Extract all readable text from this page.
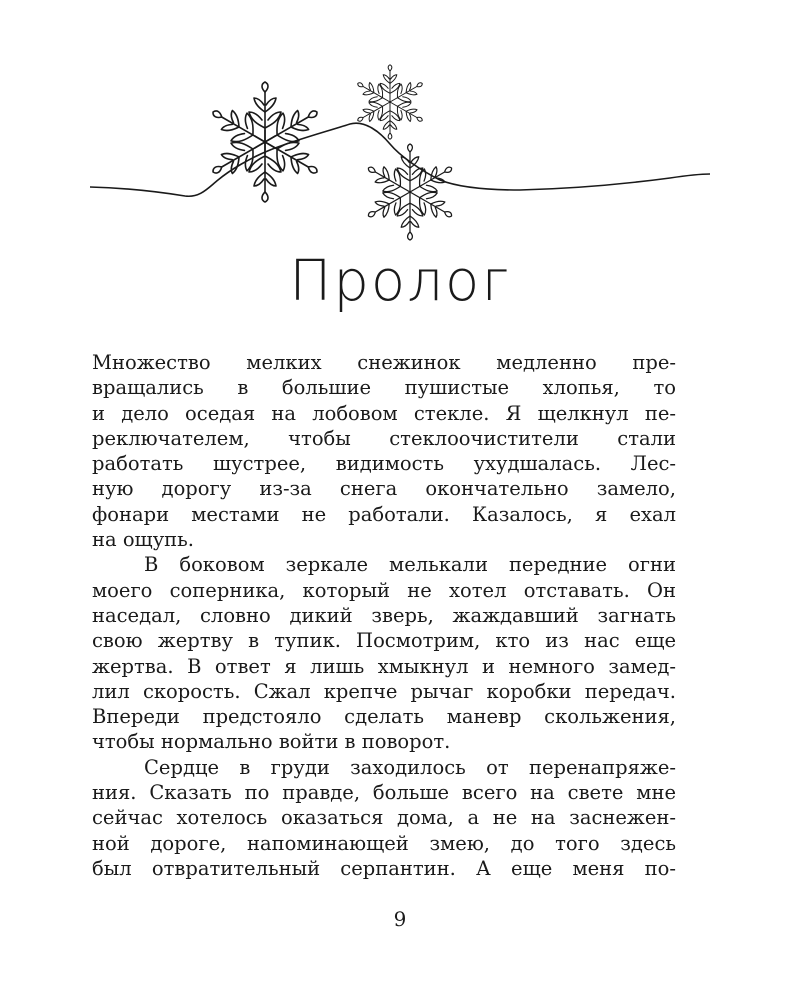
Пролог
Множество мелких снежинок медленно пре-
вращались в большие пушистые хлопья, то
и дело оседая на лобовом стекле. Я щелкнул пе-
реключателем, чтобы стеклоочистители стали
работать шустрее, видимость ухудшалась. Лес-
ную дорогу из-за снега окончательно замело,
фонари местами не работали. Казалось, я ехал
на ощупь.
В боковом зеркале мелькали передние огни
моего соперника, который не хотел отставать. Он
наседал, словно дикий зверь, жаждавший загнать
свою жертву в тупик. Посмотрим, кто из нас еще
жертва. В ответ я лишь хмыкнул и немного замед-
лил скорость. Сжал крепче рычаг коробки передач.
Впереди предстояло сделать маневр скольжения,
чтобы нормально войти в поворот.
Сердце в груди заходилось от перенапряже-
ния. Сказать по правде, больше всего на свете мне
сейчас хотелось оказаться дома, а не на заснежен-
ной дороге, напоминающей змею, до того здесь
был отвратительный серпантин. А еще меня по-
9
